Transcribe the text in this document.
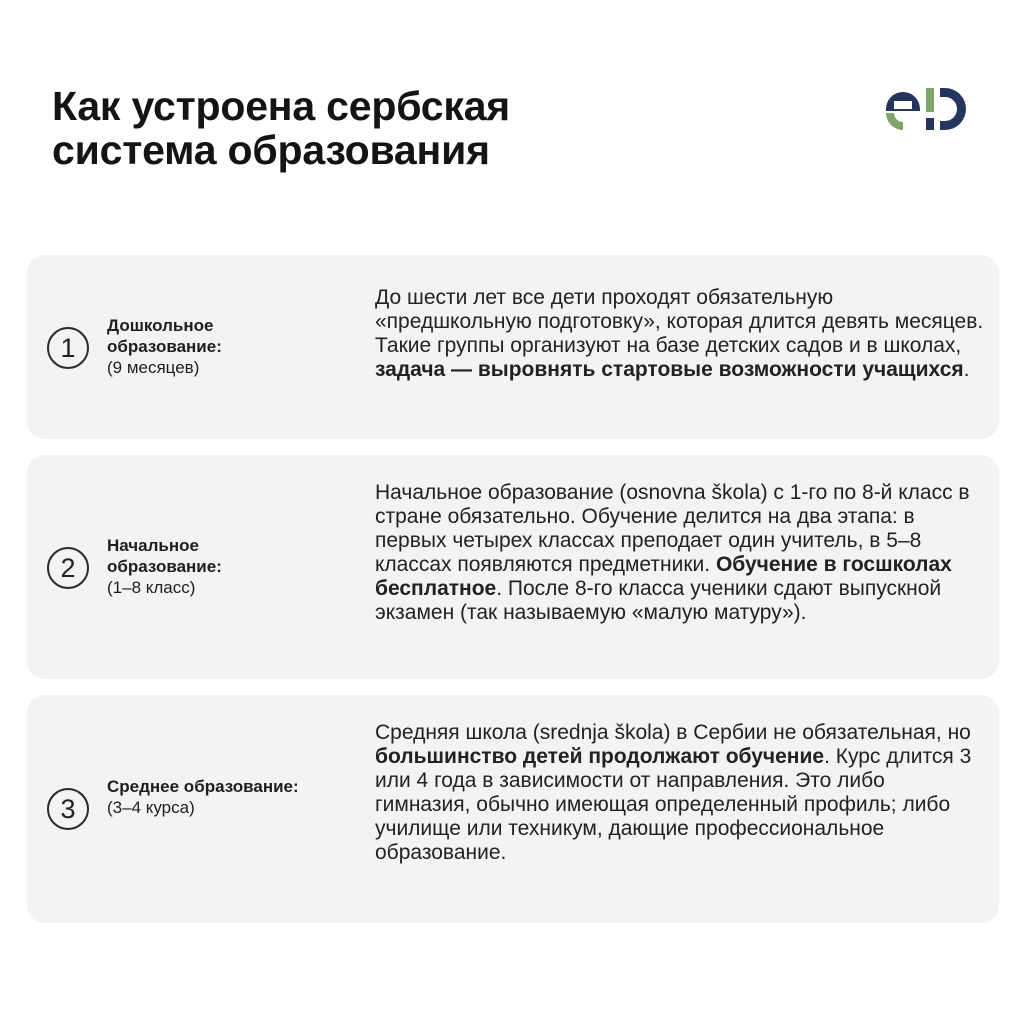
Как устроена сербская
система образования
1
Дошкольное образование:
(9 месяцев)

До шести лет все дети проходят обязательную «предшкольную подготовку», которая длится девять месяцев. Такие группы организуют на базе детских садов и в школах, задача — выровнять стартовые возможности учащихся.

2
Начальное образование:
(1–8 класс)

Начальное образование (osnovna škola) с 1-го по 8-й класс в стране обязательно. Обучение делится на два этапа: в первых четырех классах преподает один учитель, в 5–8 классах появляются предметники. Обучение в госшколах бесплатное. После 8-го класса ученики сдают выпускной экзамен (так называемую «малую матуру»).

3
Среднее образование:
(3–4 курса)

Средняя школа (srednja škola) в Сербии не обязательная, но большинство детей продолжают обучение. Курс длится 3 или 4 года в зависимости от направления. Это либо гимназия, обычно имеющая определенный профиль; либо училище или техникум, дающие профессиональное образование.
